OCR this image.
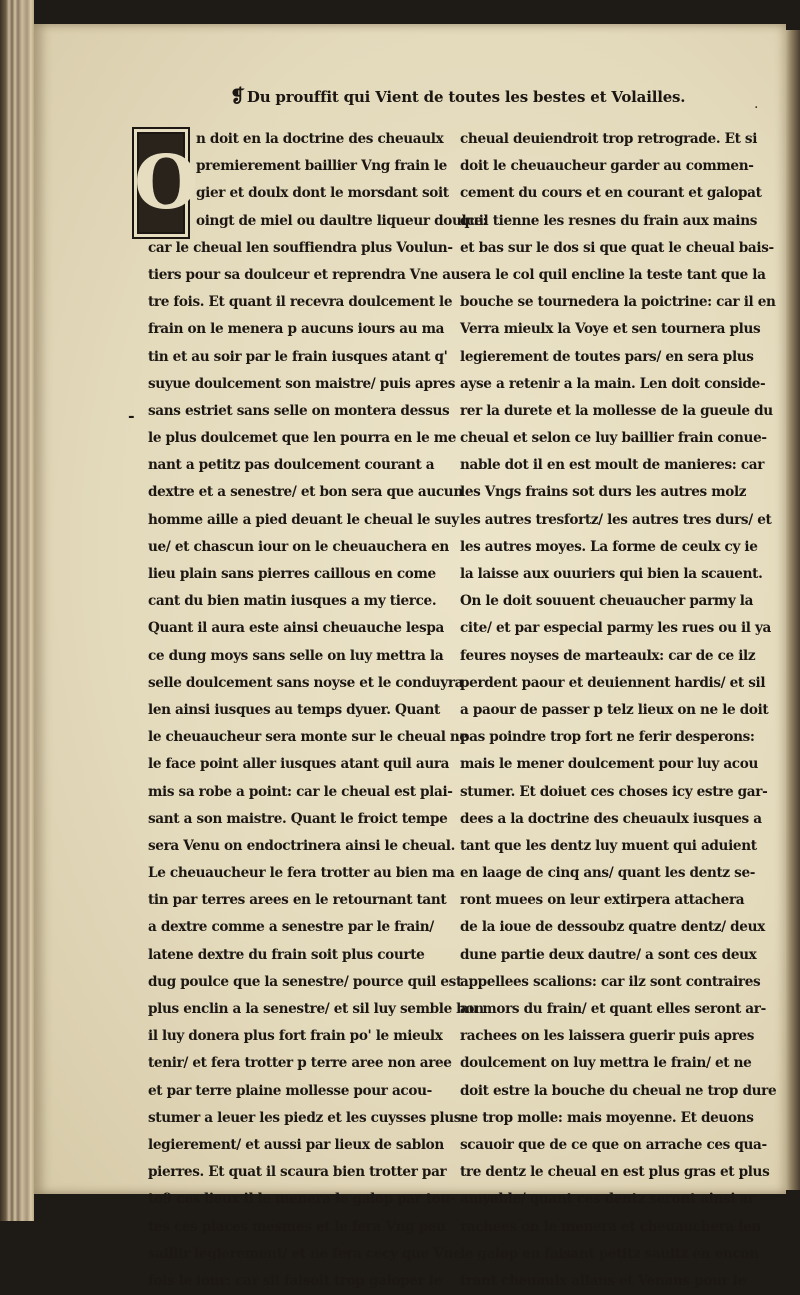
❡ Du prouffit qui Vient de toutes les bestes et Volailles.	.
O
-
n doit en la doctrine des cheuaulx
premierement baillier Vng frain le
gier et doulx dont le morsdant soit
oingt de miel ou daultre liqueur doulce:
car le cheual len souffiendra plus Voulun-
tiers pour sa doulceur et reprendra Vne au
tre fois. Et quant il recevra doulcement le
frain on le menera p aucuns iours au ma
tin et au soir par le frain iusques atant q'
suyue doulcement son maistre/ puis apres
sans estriet sans selle on montera dessus
le plus doulcemet que len pourra en le me
nant a petitz pas doulcement courant a
dextre et a senestre/ et bon sera que aucun
homme aille a pied deuant le cheual le suy
ue/ et chascun iour on le cheuauchera en
lieu plain sans pierres caillous en come
cant du bien matin iusques a my tierce.
Quant il aura este ainsi cheuauche lespa
ce dung moys sans selle on luy mettra la
selle doulcement sans noyse et le conduyra
len ainsi iusques au temps dyuer. Quant
le cheuaucheur sera monte sur le cheual ne
le face point aller iusques atant quil aura
mis sa robe a point: car le cheual est plai-
sant a son maistre. Quant le froict tempe
sera Venu on endoctrinera ainsi le cheual.
Le cheuaucheur le fera trotter au bien ma
tin par terres arees en le retournant tant
a dextre comme a senestre par le frain/
latene dextre du frain soit plus courte
dug poulce que la senestre/ pource quil est
plus enclin a la senestre/ et sil luy semble bon
il luy donera plus fort frain po' le mieulx
tenir/ et fera trotter p terre aree non aree
et par terre plaine mollesse pour acou-
stumer a leuer les piedz et les cuysses plus
legierement/ et aussi par lieux de sablon
pierres. Et quat il scaura bien trotter par
to9 ces lieux il le menera le galop par tou-
tes ces places mesmes et le fera Vng peu
saillir legierement/ et ne fera cecy que Vne
fois le iour: car sil faisoit trop galoper le
cheual deuiendroit trop retrograde. Et si
doit le cheuaucheur garder au commen-
cement du cours et en courant et galopat
quil tienne les resnes du frain aux mains
et bas sur le dos si que quat le cheual bais-
sera le col quil encline la teste tant que la
bouche se tournedera la poictrine: car il en
Verra mieulx la Voye et sen tournera plus
legierement de toutes pars/ en sera plus
ayse a retenir a la main. Len doit conside-
rer la durete et la mollesse de la gueule du
cheual et selon ce luy baillier frain conue-
nable dot il en est moult de manieres: car
les Vngs frains sot durs les autres molz
les autres tresfortz/ les autres tres durs/ et
les autres moyes. La forme de ceulx cy ie
la laisse aux ouuriers qui bien la scauent.
On le doit souuent cheuaucher parmy la
cite/ et par especial parmy les rues ou il ya
feures noyses de marteaulx: car de ce ilz
perdent paour et deuiennent hardis/ et sil
a paour de passer p telz lieux on ne le doit
pas poindre trop fort ne ferir desperons:
mais le mener doulcement pour luy acou
stumer. Et doiuet ces choses icy estre gar-
dees a la doctrine des cheuaulx iusques a
tant que les dentz luy muent qui aduient
en laage de cinq ans/ quant les dentz se-
ront muees on leur extirpera attachera
de la ioue de dessoubz quatre dentz/ deux
dune partie deux dautre/ a sont ces deux
appellees scalions: car ilz sont contraires
au mors du frain/ et quant elles seront ar-
rachees on les laissera guerir puis apres
doulcement on luy mettra le frain/ et ne
doit estre la bouche du cheual ne trop dure
ne trop molle: mais moyenne. Et deuons
scauoir que de ce que on arrache ces qua-
tre dentz le cheual en est plus gras et plus
amyable/ quant ces dentz seront ainsi ar
rachees on le menera et cheuauchera len
le galop en faisant petitz saultz en encon
trant cheuaulx allans et Venans pour le
